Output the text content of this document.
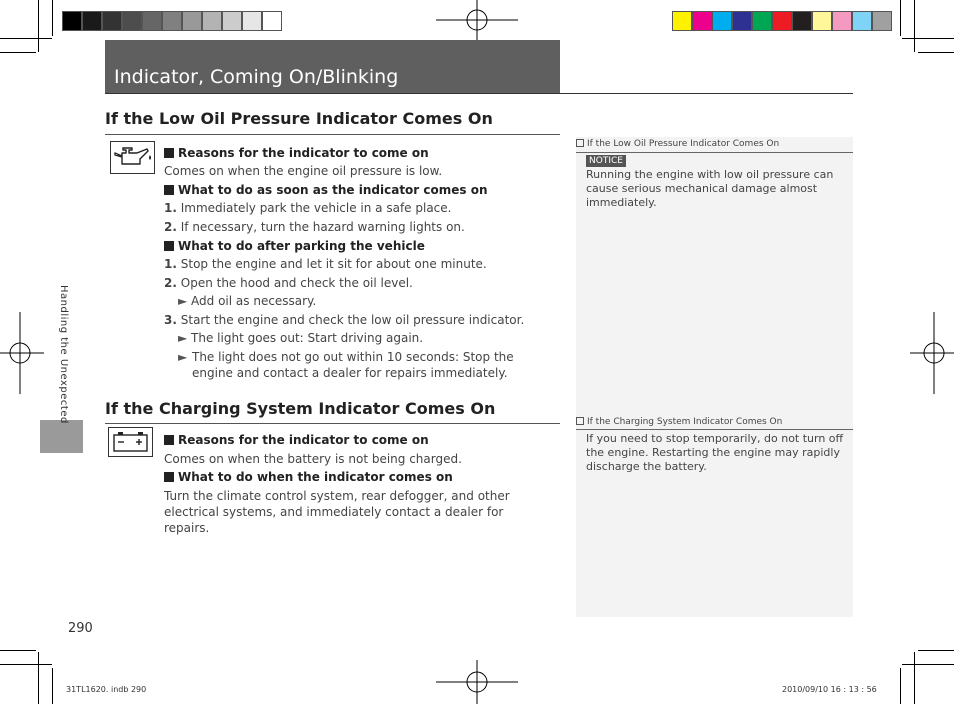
Indicator, Coming On/Blinking
Handling the Unexpected
If the Low Oil Pressure Indicator Comes On
Reasons for the indicator to come on
Comes on when the engine oil pressure is low.
What to do as soon as the indicator comes on
1. Immediately park the vehicle in a safe place.
2. If necessary, turn the hazard warning lights on.
What to do after parking the vehicle
1. Stop the engine and let it sit for about one minute.
2. Open the hood and check the oil level.
► Add oil as necessary.
3. Start the engine and check the low oil pressure indicator.
► The light goes out: Start driving again.
► The light does not go out within 10 seconds: Stop the engine and contact a dealer for repairs immediately.
If the Charging System Indicator Comes On
Reasons for the indicator to come on
Comes on when the battery is not being charged.
What to do when the indicator comes on
Turn the climate control system, rear defogger, and other electrical systems, and immediately contact a dealer for repairs.
If the Low Oil Pressure Indicator Comes On
NOTICE
Running the engine with low oil pressure can cause serious mechanical damage almost immediately.
If the Charging System Indicator Comes On
If you need to stop temporarily, do not turn off the engine. Restarting the engine may rapidly discharge the battery.
290
31TL1620. indb 290	2010/09/10 16 : 13 : 56
